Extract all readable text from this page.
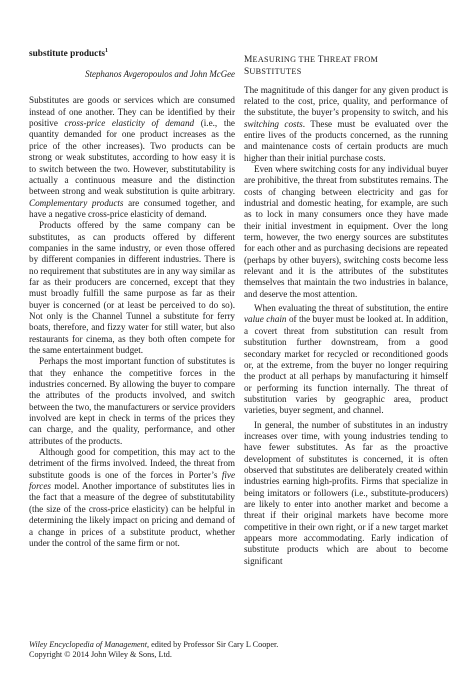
substitute products$^1$
Stephanos Avgeropoulos and John McGee

Substitutes are goods or services which are consumed instead of one another. They can be identified by their positive cross-price elasticity of demand (i.e., the quantity demanded for one product increases as the price of the other increases). Two products can be strong or weak substitutes, according to how easy it is to switch between the two. However, substitutability is actually a continuous measure and the distinction between strong and weak substitution is quite arbitrary. Complementary products are consumed together, and have a negative cross-price elasticity of demand.

Products offered by the same company can be substitutes, as can products offered by different companies in the same industry, or even those offered by different companies in different industries. There is no requirement that substitutes are in any way similar as far as their producers are concerned, except that they must broadly fulfill the same purpose as far as their buyer is concerned (or at least be perceived to do so). Not only is the Channel Tunnel a substitute for ferry boats, therefore, and fizzy water for still water, but also restaurants for cinema, as they both often compete for the same entertainment budget.

Perhaps the most important function of substitutes is that they enhance the competitive forces in the industries concerned. By allowing the buyer to compare the attributes of the products involved, and switch between the two, the manufacturers or service providers involved are kept in check in terms of the prices they can charge, and the quality, performance, and other attributes of the products.

Although good for competition, this may act to the detriment of the firms involved. Indeed, the threat from substitute goods is one of the forces in Porter’s five forces model. Another importance of substitutes lies in the fact that a measure of the degree of substitutability (the size of the cross-price elasticity) can be helpful in determining the likely impact on pricing and demand of a change in prices of a substitute product, whether under the control of the same firm or not.

MEASURING THE THREAT FROM
SUBSTITUTES

The magnititude of this danger for any given product is related to the cost, price, quality, and performance of the substitute, the buyer’s propensity to switch, and his switching costs. These must be evaluated over the entire lives of the products concerned, as the running and maintenance costs of certain products are much higher than their initial purchase costs.

Even where switching costs for any individual buyer are prohibitive, the threat from substitutes remains. The costs of changing between electricity and gas for industrial and domestic heating, for example, are such as to lock in many consumers once they have made their initial investment in equipment. Over the long term, however, the two energy sources are substitutes for each other and as purchasing decisions are repeated (perhaps by other buyers), switching costs become less relevant and it is the attributes of the substitutes themselves that maintain the two industries in balance, and deserve the most attention.

When evaluating the threat of substitution, the entire value chain of the buyer must be looked at. In addition, a covert threat from substitution can result from substitution further downstream, from a good secondary market for recycled or reconditioned goods or, at the extreme, from the buyer no longer requiring the product at all perhaps by manufacturing it himself or performing its function internally. The threat of substitution varies by geographic area, product varieties, buyer segment, and channel.

In general, the number of substitutes in an industry increases over time, with young industries tending to have fewer substitutes. As far as the proactive development of substitutes is concerned, it is often observed that substitutes are deliberately created within industries earning high-profits. Firms that specialize in being imitators or followers (i.e., substitute-producers) are likely to enter into another market and become a threat if their original markets have become more competitive in their own right, or if a new target market appears more accommodating. Early indication of substitute products which are about to become significant

Wiley Encyclopedia of Management, edited by Professor Sir Cary L Cooper.
Copyright © 2014 John Wiley & Sons, Ltd.
